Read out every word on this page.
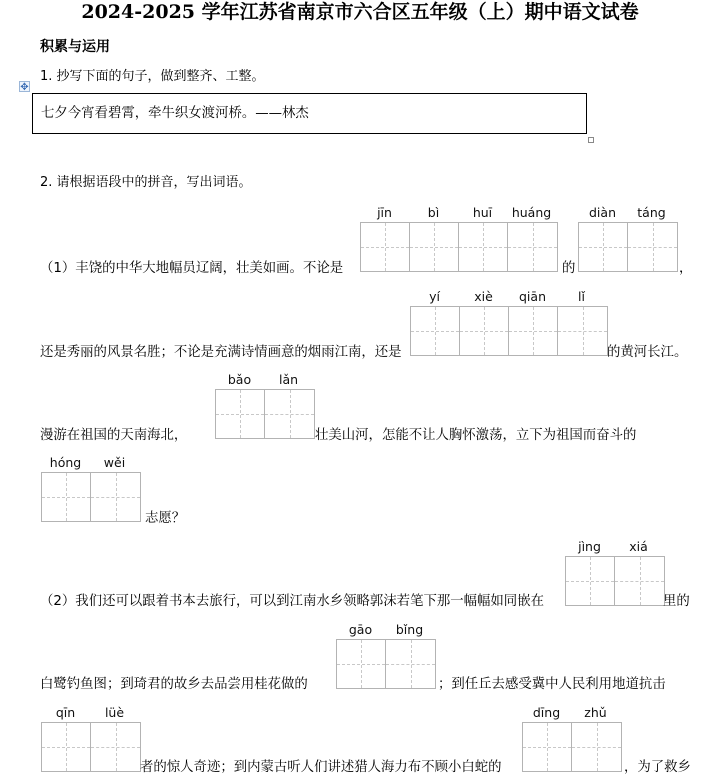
2024-2025 学年江苏省南京市六合区五年级（上）期中语文试卷
积累与运用
1. 抄写下面的句子，做到整齐、工整。
✥
七夕今宵看碧霄，牵牛织女渡河桥。——林杰
2. 请根据语段中的拼音，写出词语。
（1）丰饶的中华大地幅员辽阔，壮美如画。不论是
jīn	bì	huī	huáng
的
diàn	táng
，
还是秀丽的风景名胜；不论是充满诗情画意的烟雨江南，还是
yí	xiè	qiān	lǐ
的黄河长江。
漫游在祖国的天南海北，
bǎo	lǎn
壮美山河，怎能不让人胸怀激荡，立下为祖国而奋斗的
hóng	wěi
志愿？
（2）我们还可以跟着书本去旅行，可以到江南水乡领略郭沫若笔下那一幅幅如同嵌在
jìng	xiá
里的
白鹭钓鱼图；到琦君的故乡去品尝用桂花做的
gāo	bǐng
；到任丘去感受冀中人民利用地道抗击
qīn	lüè
者的惊人奇迹；到内蒙古听人们讲述猎人海力布不顾小白蛇的
dīng	zhǔ
，为了救乡
